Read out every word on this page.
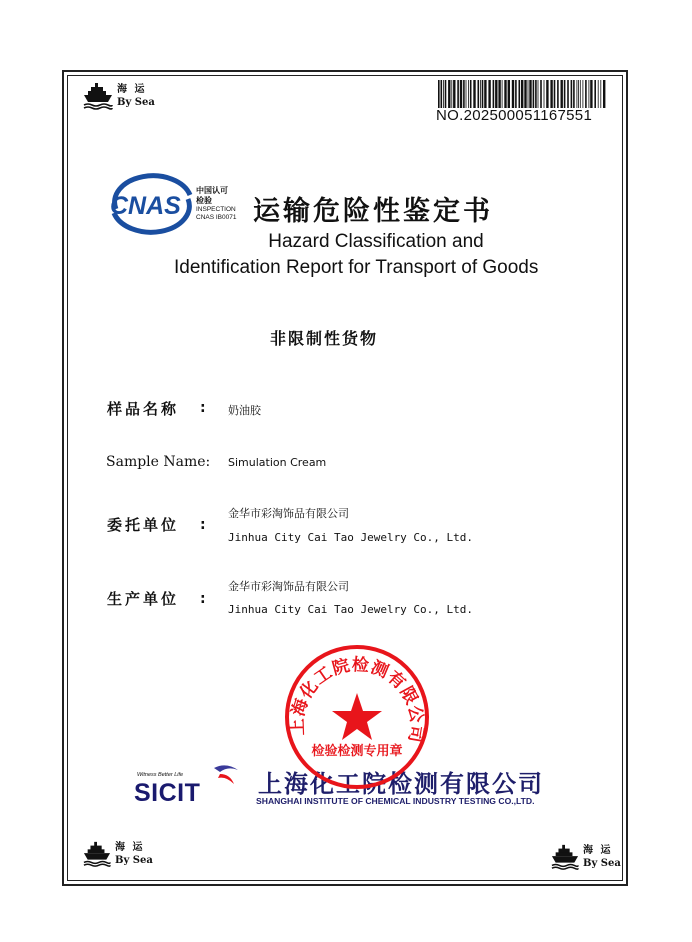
海 运
By Sea
NO.202500051167551
CNAS
中国认可
检验
INSPECTION
CNAS IB0071 运输危险性鉴定书
Hazard Classification and
Identification Report for Transport of Goods
非限制性货物
样品名称 : 奶油胶
Sample Name: Simulation Cream
委托单位 :
金华市彩淘饰品有限公司
Jinhua City Cai Tao Jewelry Co., Ltd.
生产单位 :
金华市彩淘饰品有限公司
Jinhua City Cai Tao Jewelry Co., Ltd.
Witness Better Life
SICIT 上海化工院检测有限公司
SHANGHAI INSTITUTE OF CHEMICAL INDUSTRY TESTING CO.,LTD.
上海化工院检测有限公司
检验检测专用章
海 运
By Sea
海 运
By Sea
